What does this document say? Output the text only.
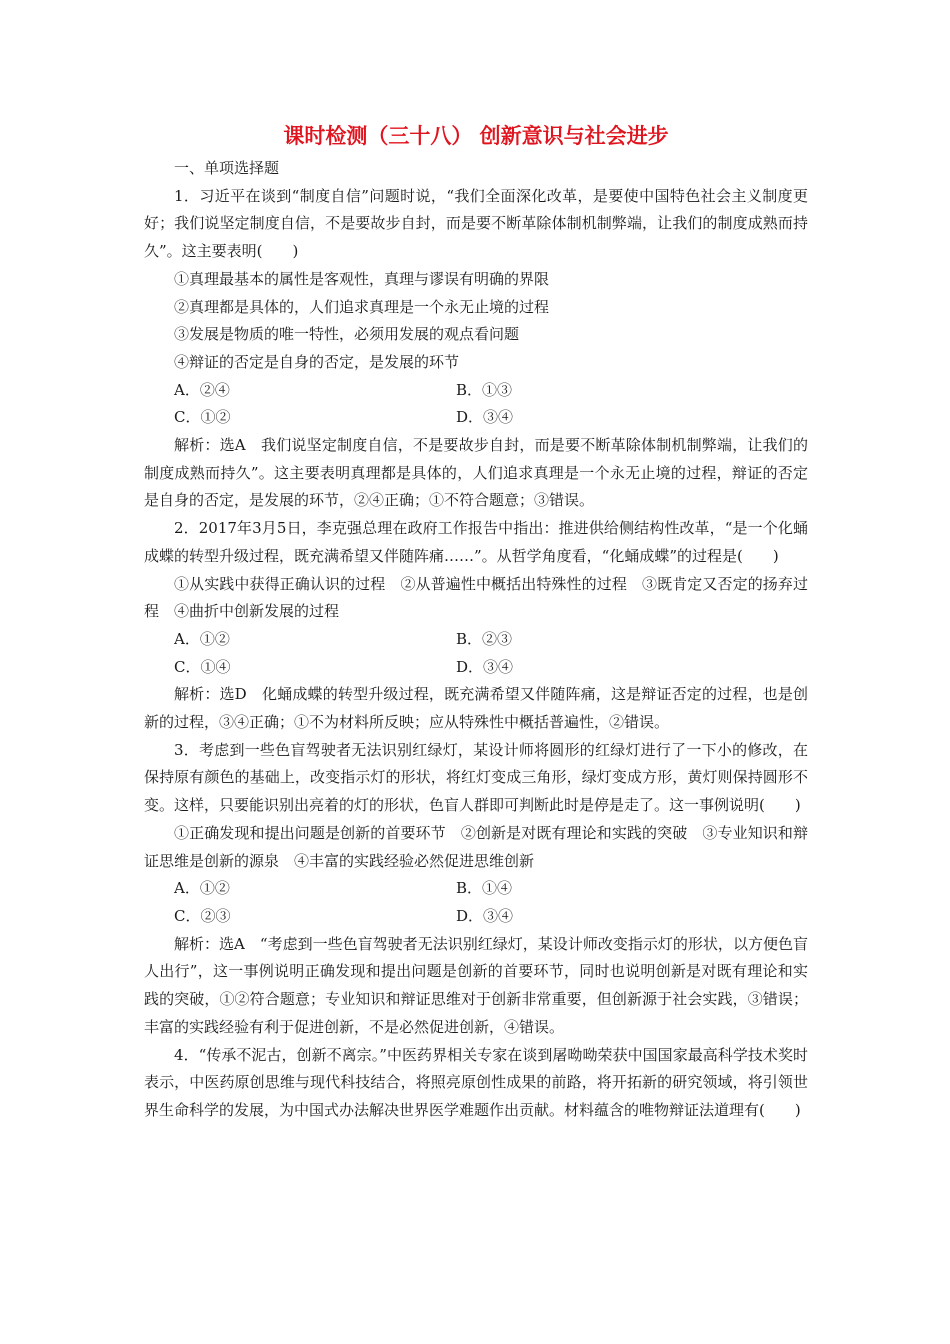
课时检测（三十八） 创新意识与社会进步

一、单项选择题

1．习近平在谈到“制度自信”问题时说，“我们全面深化改革，是要使中国特色社会主义制度更好；我们说坚定制度自信，不是要故步自封，而是要不断革除体制机制弊端，让我们的制度成熟而持久”。这主要表明(　　)

①真理最基本的属性是客观性，真理与谬误有明确的界限

②真理都是具体的，人们追求真理是一个永无止境的过程

③发展是物质的唯一特性，必须用发展的观点看问题

④辩证的否定是自身的否定，是发展的环节

A．②④	B．①③
C．①②	D．③④

解析：选A　我们说坚定制度自信，不是要故步自封，而是要不断革除体制机制弊端，让我们的制度成熟而持久”。这主要表明真理都是具体的，人们追求真理是一个永无止境的过程，辩证的否定是自身的否定，是发展的环节，②④正确；①不符合题意；③错误。

2．2017年3月5日，李克强总理在政府工作报告中指出：推进供给侧结构性改革，“是一个化蛹成蝶的转型升级过程，既充满希望又伴随阵痛……”。从哲学角度看，“化蛹成蝶”的过程是(　　)

①从实践中获得正确认识的过程　②从普遍性中概括出特殊性的过程　③既肯定又否定的扬弃过程　④曲折中创新发展的过程

A．①②	B．②③
C．①④	D．③④

解析：选D　化蛹成蝶的转型升级过程，既充满希望又伴随阵痛，这是辩证否定的过程，也是创新的过程，③④正确；①不为材料所反映；应从特殊性中概括普遍性，②错误。

3．考虑到一些色盲驾驶者无法识别红绿灯，某设计师将圆形的红绿灯进行了一下小的修改，在保持原有颜色的基础上，改变指示灯的形状，将红灯变成三角形，绿灯变成方形，黄灯则保持圆形不变。这样，只要能识别出亮着的灯的形状，色盲人群即可判断此时是停是走了。这一事例说明(　　)

①正确发现和提出问题是创新的首要环节　②创新是对既有理论和实践的突破　③专业知识和辩证思维是创新的源泉　④丰富的实践经验必然促进思维创新

A．①②	B．①④
C．②③	D．③④

解析：选A　“考虑到一些色盲驾驶者无法识别红绿灯，某设计师改变指示灯的形状，以方便色盲人出行”，这一事例说明正确发现和提出问题是创新的首要环节，同时也说明创新是对既有理论和实践的突破，①②符合题意；专业知识和辩证思维对于创新非常重要，但创新源于社会实践，③错误；丰富的实践经验有利于促进创新，不是必然促进创新，④错误。

4．“传承不泥古，创新不离宗。”中医药界相关专家在谈到屠呦呦荣获中国国家最高科学技术奖时表示，中医药原创思维与现代科技结合，将照亮原创性成果的前路，将开拓新的研究领域，将引领世界生命科学的发展，为中国式办法解决世界医学难题作出贡献。材料蕴含的唯物辩证法道理有(　　)
